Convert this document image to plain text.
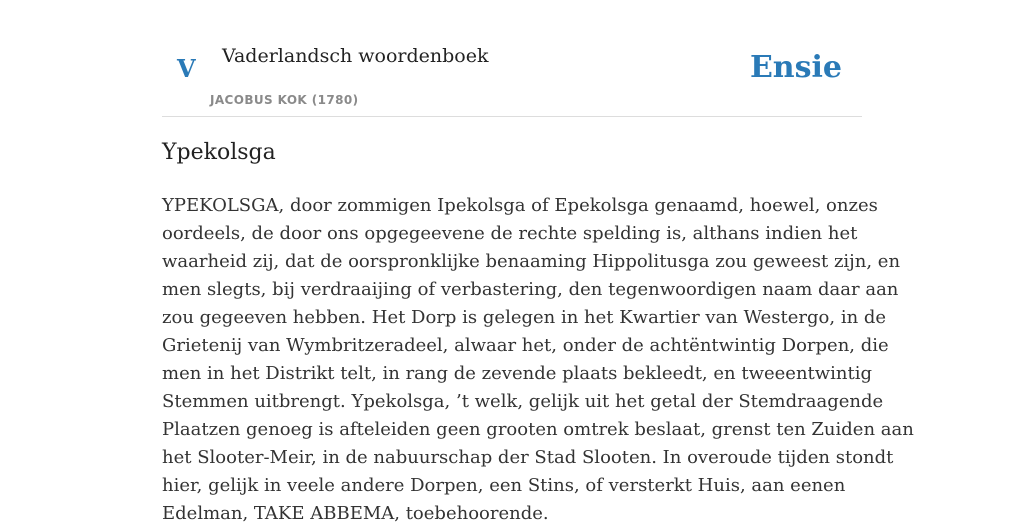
V Vaderlandsch woordenboek
JACOBUS KOK (1780)
Ensie
Ypekolsga
YPEKOLSGA, door zommigen Ipekolsga of Epekolsga genaamd, hoewel, onzes
oordeels, de door ons opgegeevene de rechte spelding is, althans indien het
waarheid zij, dat de oorspronklijke benaaming Hippolitusga zou geweest zijn, en
men slegts, bij verdraaijing of verbastering, den tegenwoordigen naam daar aan
zou gegeeven hebben. Het Dorp is gelegen in het Kwartier van Westergo, in de
Grietenij van Wymbritzeradeel, alwaar het, onder de achtëntwintig Dorpen, die
men in het Distrikt telt, in rang de zevende plaats bekleedt, en tweeentwintig
Stemmen uitbrengt. Ypekolsga, ’t welk, gelijk uit het getal der Stemdraagende
Plaatzen genoeg is afteleiden geen grooten omtrek beslaat, grenst ten Zuiden aan
het Slooter-Meir, in de nabuurschap der Stad Slooten. In overoude tijden stondt
hier, gelijk in veele andere Dorpen, een Stins, of versterkt Huis, aan eenen
Edelman, TAKE ABBEMA, toebehoorende.
